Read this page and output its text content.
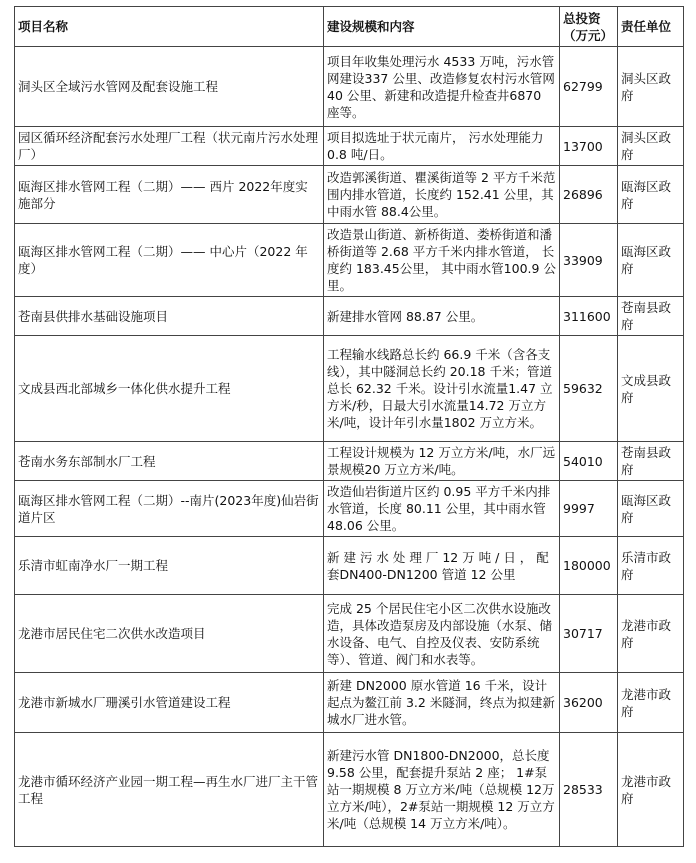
项目名称	建设规模和内容	总投资（万元）	责任单位
洞头区全域污水管网及配套设施工程	项目年收集处理污水 4533 万吨，污水管网建设337 公里、改造修复农村污水管网 40 公里、新建和改造提升检查井6870 座等。	62799	洞头区政府
园区循环经济配套污水处理厂工程（状元南片污水处理厂）	项目拟选址于状元南片， 污水处理能力 0.8 吨/日。	13700	洞头区政府
瓯海区排水管网工程（二期）—— 西片 2022年度实施部分	改造郭溪街道、瞿溪街道等 2 平方千米范围内排水管道，长度约 152.41 公里，其中雨水管 88.4公里。	26896	瓯海区政府
瓯海区排水管网工程（二期）—— 中心片（2022 年度）	改造景山街道、新桥街道、娄桥街道和潘桥街道等 2.68 平方千米内排水管道， 长度约 183.45公里， 其中雨水管100.9 公里。	33909	瓯海区政府
苍南县供排水基础设施项目	新建排水管网 88.87 公里。	311600	苍南县政府
文成县西北部城乡一体化供水提升工程	工程输水线路总长约 66.9 千米（含各支线），其中隧洞总长约 20.18 千米；管道总长 62.32 千米。设计引水流量1.47 立方米/秒，日最大引水流量14.72 万立方米/吨，设计年引水量1802 万立方米。	59632	文成县政府
苍南水务东部制水厂工程	工程设计规模为 12 万立方米/吨，水厂远景规模20 万立方米/吨。	54010	苍南县政府
瓯海区排水管网工程（二期）--南片(2023年度)仙岩街道片区	改造仙岩街道片区约 0.95 平方千米内排水管道，长度 80.11 公里，其中雨水管 48.06 公里。	9997	瓯海区政府
乐清市虹南净水厂一期工程	新 建 污 水 处 理 厂 12 万 吨 / 日 ， 配 套DN400-DN1200 管道 12 公里	180000	乐清市政府
龙港市居民住宅二次供水改造项目	完成 25 个居民住宅小区二次供水设施改造，具体改造泵房及内部设施（水泵、储水设备、电气、自控及仪表、安防系统等）、管道、阀门和水表等。	30717	龙港市政府
龙港市新城水厂珊溪引水管道建设工程	新建 DN2000 原水管道 16 千米，设计起点为鳌江前 3.2 米隧洞，终点为拟建新城水厂进水管。	36200	龙港市政府
龙港市循环经济产业园一期工程—再生水厂进厂主干管工程	新建污水管 DN1800-DN2000，总长度9.58 公里，配套提升泵站 2 座； 1#泵站一期规模 8 万立方米/吨（总规模 12万立方米/吨），2#泵站一期规模 12 万立方米/吨（总规模 14 万立方米/吨）。	28533	龙港市政府
